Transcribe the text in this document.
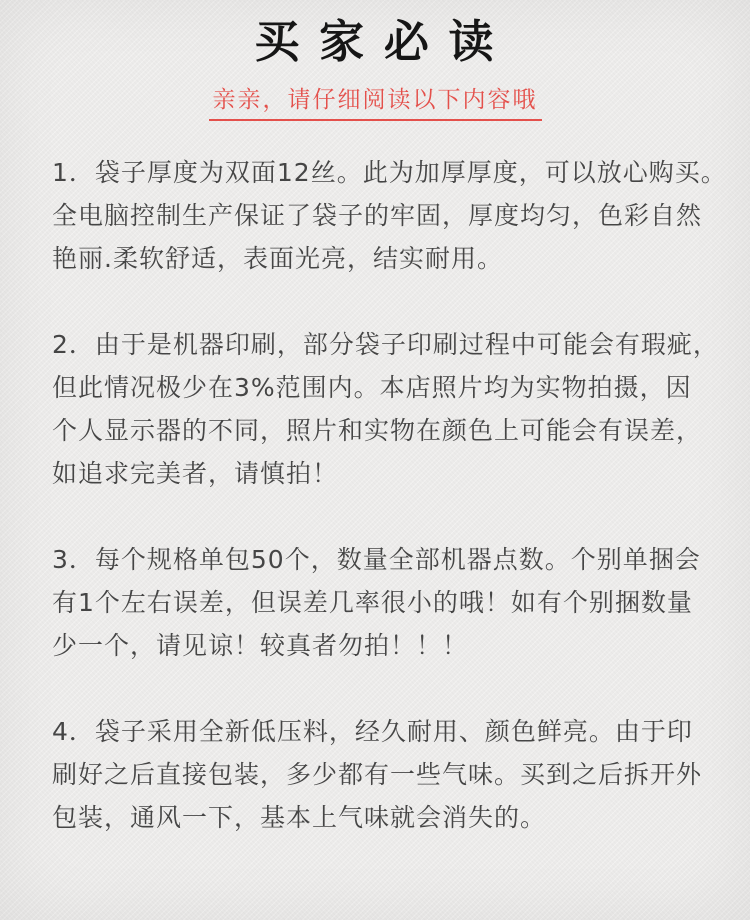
买 家 必 读
亲亲，请仔细阅读以下内容哦
1．袋子厚度为双面12丝。此为加厚厚度，可以放心购买。
全电脑控制生产保证了袋子的牢固，厚度均匀，色彩自然
艳丽.柔软舒适，表面光亮，结实耐用。
2．由于是机器印刷，部分袋子印刷过程中可能会有瑕疵，
但此情况极少在3%范围内。本店照片均为实物拍摄，因
个人显示器的不同，照片和实物在颜色上可能会有误差，
如追求完美者，请慎拍！
3．每个规格单包50个，数量全部机器点数。个别单捆会
有1个左右误差，但误差几率很小的哦！如有个别捆数量
少一个，请见谅！较真者勿拍！！！
4．袋子采用全新低压料，经久耐用、颜色鲜亮。由于印
刷好之后直接包装，多少都有一些气味。买到之后拆开外
包装，通风一下，基本上气味就会消失的。
